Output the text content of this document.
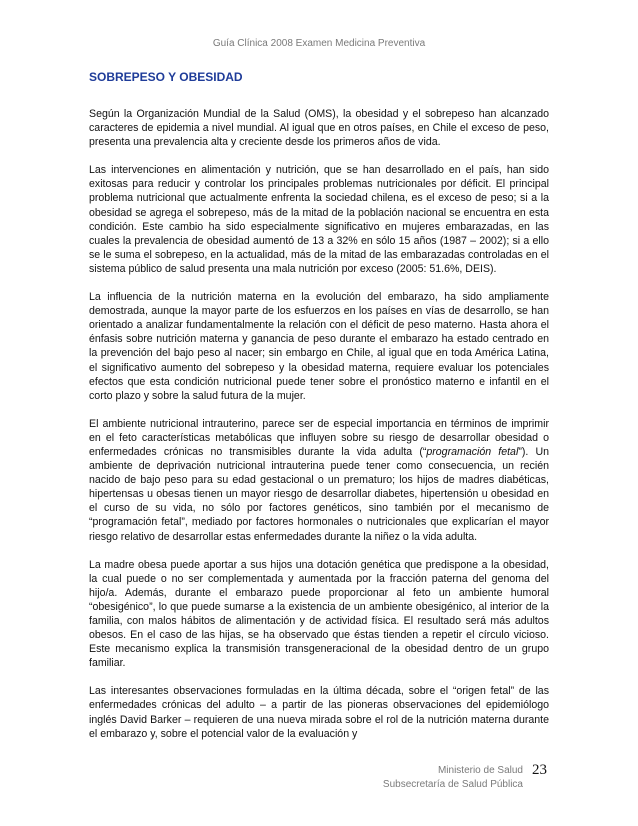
Guía Clínica 2008 Examen Medicina Preventiva
SOBREPESO Y OBESIDAD

Según la Organización Mundial de la Salud (OMS), la obesidad y el sobrepeso han alcanzado caracteres de epidemia a nivel mundial. Al igual que en otros países, en Chile el exceso de peso, presenta una prevalencia alta y creciente desde los primeros años de vida.

Las intervenciones en alimentación y nutrición, que se han desarrollado en el país, han sido exitosas para reducir y controlar los principales problemas nutricionales por déficit. El principal problema nutricional que actualmente enfrenta la sociedad chilena, es el exceso de peso; si a la obesidad se agrega el sobrepeso, más de la mitad de la población nacional se encuentra en esta condición. Este cambio ha sido especialmente significativo en mujeres embarazadas, en las cuales la prevalencia de obesidad aumentó de 13 a 32% en sólo 15 años (1987 – 2002); si a ello se le suma el sobrepeso, en la actualidad, más de la mitad de las embarazadas controladas en el sistema público de salud presenta una mala nutrición por exceso (2005: 51.6%, DEIS).

La influencia de la nutrición materna en la evolución del embarazo, ha sido ampliamente demostrada, aunque la mayor parte de los esfuerzos en los países en vías de desarrollo, se han orientado a analizar fundamentalmente la relación con el déficit de peso materno. Hasta ahora el énfasis sobre nutrición materna y ganancia de peso durante el embarazo ha estado centrado en la prevención del bajo peso al nacer; sin embargo en Chile, al igual que en toda América Latina, el significativo aumento del sobrepeso y la obesidad materna, requiere evaluar los potenciales efectos que esta condición nutricional puede tener sobre el pronóstico materno e infantil en el corto plazo y sobre la salud futura de la mujer.

El ambiente nutricional intrauterino, parece ser de especial importancia en términos de imprimir en el feto características metabólicas que influyen sobre su riesgo de desarrollar obesidad o enfermedades crónicas no transmisibles durante la vida adulta (“programación fetal”). Un ambiente de deprivación nutricional intrauterina puede tener como consecuencia, un recién nacido de bajo peso para su edad gestacional o un prematuro; los hijos de madres diabéticas, hipertensas u obesas tienen un mayor riesgo de desarrollar diabetes, hipertensión u obesidad en el curso de su vida, no sólo por factores genéticos, sino también por el mecanismo de “programación fetal”, mediado por factores hormonales o nutricionales que explicarían el mayor riesgo relativo de desarrollar estas enfermedades durante la niñez o la vida adulta.

La madre obesa puede aportar a sus hijos una dotación genética que predispone a la obesidad, la cual puede o no ser complementada y aumentada por la fracción paterna del genoma del hijo/a. Además, durante el embarazo puede proporcionar al feto un ambiente humoral “obesigénico”, lo que puede sumarse a la existencia de un ambiente obesigénico, al interior de la familia, con malos hábitos de alimentación y de actividad física. El resultado será más adultos obesos. En el caso de las hijas, se ha observado que éstas tienden a repetir el círculo vicioso. Este mecanismo explica la transmisión transgeneracional de la obesidad dentro de un grupo familiar.

Las interesantes observaciones formuladas en la última década, sobre el “origen fetal” de las enfermedades crónicas del adulto – a partir de las pioneras observaciones del epidemiólogo inglés David Barker – requieren de una nueva mirada sobre el rol de la nutrición materna durante el embarazo y, sobre el potencial valor de la evaluación y

Ministerio de Salud
Subsecretaría de Salud Pública
23
